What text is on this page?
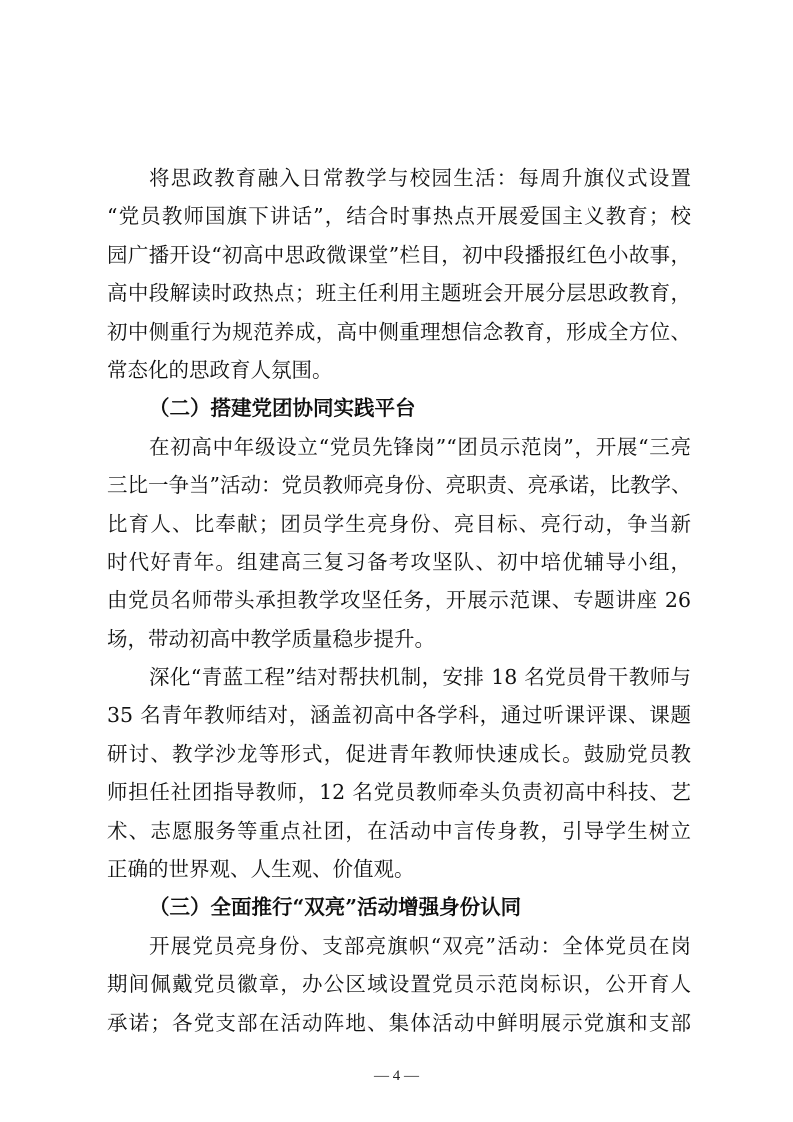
将思政教育融入日常教学与校园生活：每周升旗仪式设置
“党员教师国旗下讲话”，结合时事热点开展爱国主义教育；校
园广播开设“初高中思政微课堂”栏目，初中段播报红色小故事，
高中段解读时政热点；班主任利用主题班会开展分层思政教育，
初中侧重行为规范养成，高中侧重理想信念教育，形成全方位、
常态化的思政育人氛围。
（二）搭建党团协同实践平台
在初高中年级设立“党员先锋岗”“团员示范岗”，开展“三亮
三比一争当”活动：党员教师亮身份、亮职责、亮承诺，比教学、
比育人、比奉献；团员学生亮身份、亮目标、亮行动，争当新
时代好青年。组建高三复习备考攻坚队、初中培优辅导小组，
由党员名师带头承担教学攻坚任务，开展示范课、专题讲座 26
场，带动初高中教学质量稳步提升。
深化“青蓝工程”结对帮扶机制，安排 18 名党员骨干教师与
35 名青年教师结对，涵盖初高中各学科，通过听课评课、课题
研讨、教学沙龙等形式，促进青年教师快速成长。鼓励党员教
师担任社团指导教师，12 名党员教师牵头负责初高中科技、艺
术、志愿服务等重点社团，在活动中言传身教，引导学生树立
正确的世界观、人生观、价值观。
（三）全面推行“双亮”活动增强身份认同
开展党员亮身份、支部亮旗帜“双亮”活动：全体党员在岗
期间佩戴党员徽章，办公区域设置党员示范岗标识，公开育人
承诺；各党支部在活动阵地、集体活动中鲜明展示党旗和支部
— 4 —
